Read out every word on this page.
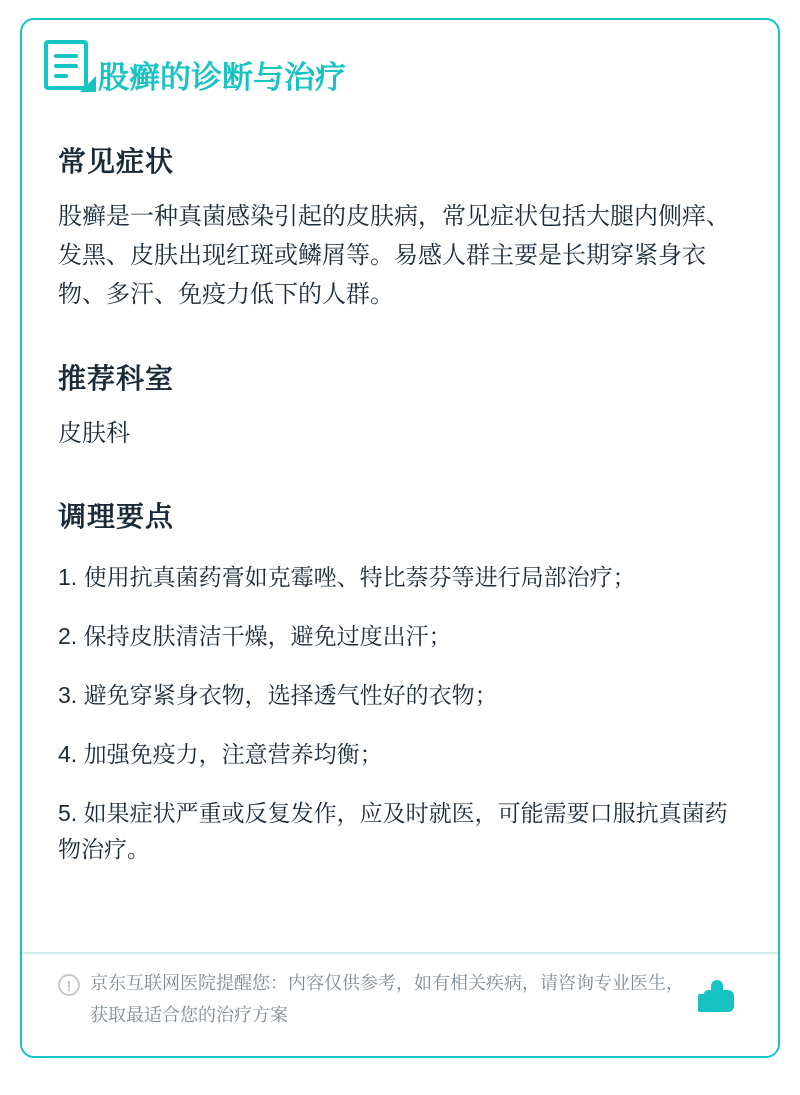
股癣的诊断与治疗
常见症状

股癣是一种真菌感染引起的皮肤病，常见症状包括大腿内侧痒、发黑、皮肤出现红斑或鳞屑等。易感人群主要是长期穿紧身衣物、多汗、免疫力低下的人群。

推荐科室

皮肤科

调理要点
1. 使用抗真菌药膏如克霉唑、特比萘芬等进行局部治疗；
2. 保持皮肤清洁干燥，避免过度出汗；
3. 避免穿紧身衣物，选择透气性好的衣物；
4. 加强免疫力，注意营养均衡；
5. 如果症状严重或反复发作，应及时就医，可能需要口服抗真菌药物治疗。
!	京东互联网医院提醒您：内容仅供参考，如有相关疾病，请咨询专业医生，获取最适合您的治疗方案
